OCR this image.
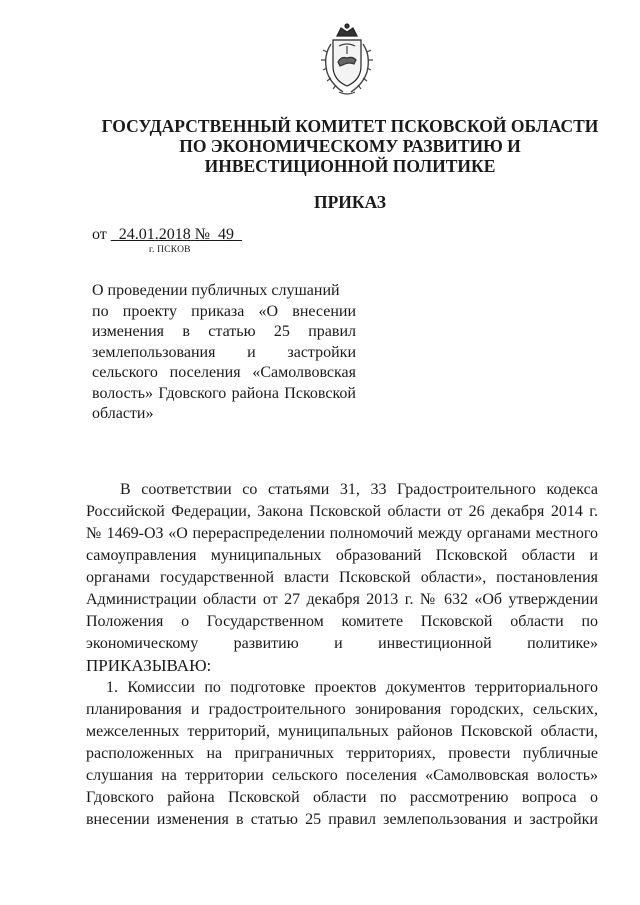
ГОСУДАРСТВЕННЫЙ КОМИТЕТ ПСКОВСКОЙ ОБЛАСТИ
ПО ЭКОНОМИЧЕСКОМУ РАЗВИТИЮ И
ИНВЕСТИЦИОННОЙ ПОЛИТИКЕ
ПРИКАЗ
от 24.01.2018 № 49
г. ПСКОВ
О проведении публичных слушаний
по проекту приказа «О внесении
изменения в статью 25 правил
землепользования и застройки
сельского поселения «Самолвовская
волость» Гдовского района Псковской
области»
В соответствии со статьями 31, 33 Градостроительного кодекса
Российской Федерации, Закона Псковской области от 26 декабря 2014 г.
№ 1469-ОЗ «О перераспределении полномочий между органами местного
самоуправления муниципальных образований Псковской области и
органами государственной власти Псковской области», постановления
Администрации области от 27 декабря 2013 г. № 632 «Об утверждении
Положения о Государственном комитете Псковской области по
экономическому развитию и инвестиционной политике»
ПРИКАЗЫВАЮ:
1. Комиссии по подготовке проектов документов территориального
планирования и градостроительного зонирования городских, сельских,
межселенных территорий, муниципальных районов Псковской области,
расположенных на приграничных территориях, провести публичные
слушания на территории сельского поселения «Самолвовская волость»
Гдовского района Псковской области по рассмотрению вопроса о
внесении изменения в статью 25 правил землепользования и застройки
